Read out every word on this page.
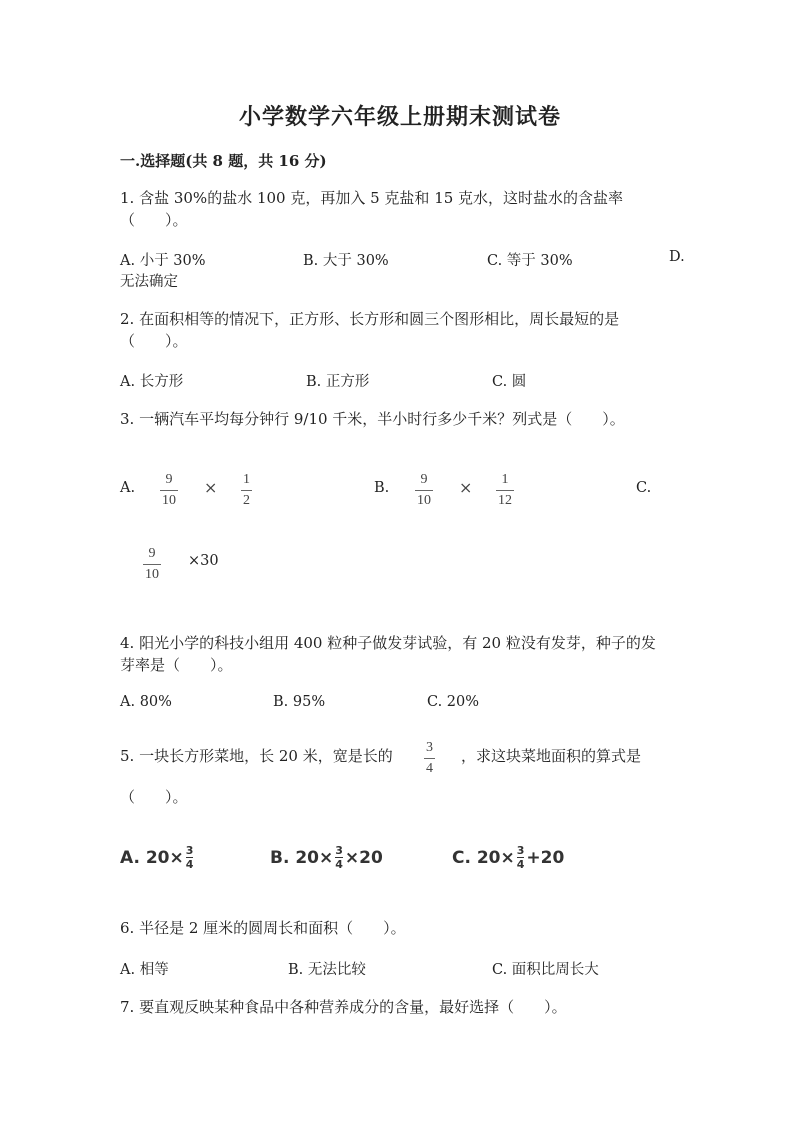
小学数学六年级上册期末测试卷
一.选择题(共 8 题，共 16 分)
1. 含盐 30%的盐水 100 克，再加入 5 克盐和 15 克水，这时盐水的含盐率
（　　）。
A. 小于 30%	B. 大于 30%	C. 等于 30%	D.
无法确定
2. 在面积相等的情况下，正方形、长方形和圆三个图形相比，周长最短的是
（　　）。
A. 长方形	B. 正方形	C. 圆
3. 一辆汽车平均每分钟行 9/10 千米，半小时行多少千米？列式是（　　）。
A.
9
10
× 1
2
B.
9
10
× 1
12
C.
9
10
×30
4. 阳光小学的科技小组用 400 粒种子做发芽试验，有 20 粒没有发芽，种子的发
芽率是（　　）。
A. 80%	B. 95%	C. 20%
5. 一块长方形菜地，长 20 米，宽是长的 3
4
，求这块菜地面积的算式是
（　　）。
A. 20× 3
4	B. 20× 3
4 ×20	C. 20× 3
4 +20
6. 半径是 2 厘米的圆周长和面积（　　）。
A. 相等	B. 无法比较	C. 面积比周长大
7. 要直观反映某种食品中各种营养成分的含量，最好选择（　　）。
